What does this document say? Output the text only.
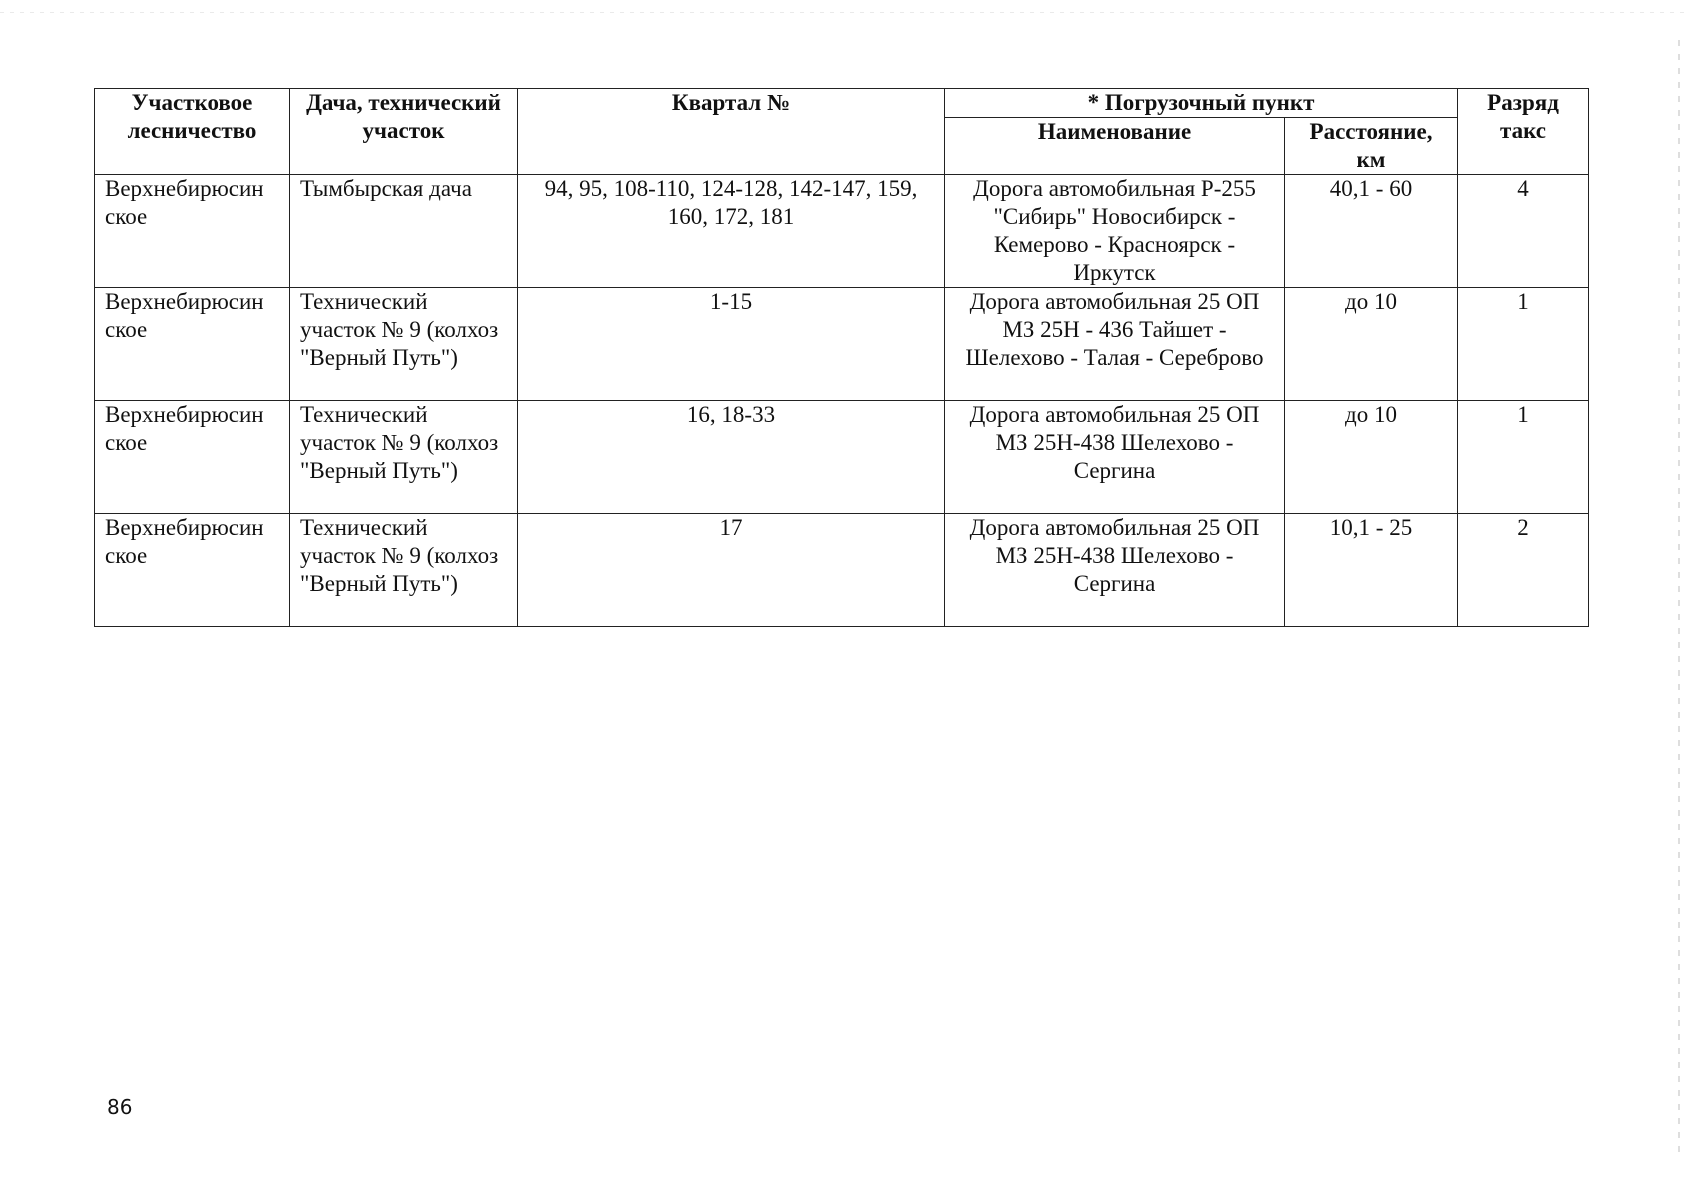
Участковое лесничество	Дача, технический участок	Квартал №	* Погрузочный пункт		Разряд такс
			Наименование	Расстояние, км	
Верхнебирюсин ское	Тымбырская дача	94, 95, 108-110, 124-128, 142-147, 159, 160, 172, 181	Дорога автомобильная Р-255 "Сибирь" Новосибирск - Кемерово - Красноярск - Иркутск	40,1 - 60	4
Верхнебирюсин ское	Технический участок № 9 (колхоз "Верный Путь")	1-15	Дорога автомобильная 25 ОП МЗ 25Н - 436 Тайшет - Шелехово - Талая - Сереброво	до 10	1
Верхнебирюсин ское	Технический участок № 9 (колхоз "Верный Путь")	16, 18-33	Дорога автомобильная 25 ОП МЗ 25Н-438 Шелехово - Сергина	до 10	1
Верхнебирюсин ское	Технический участок № 9 (колхоз "Верный Путь")	17	Дорога автомобильная 25 ОП МЗ 25Н-438 Шелехово - Сергина	10,1 - 25	2
86
